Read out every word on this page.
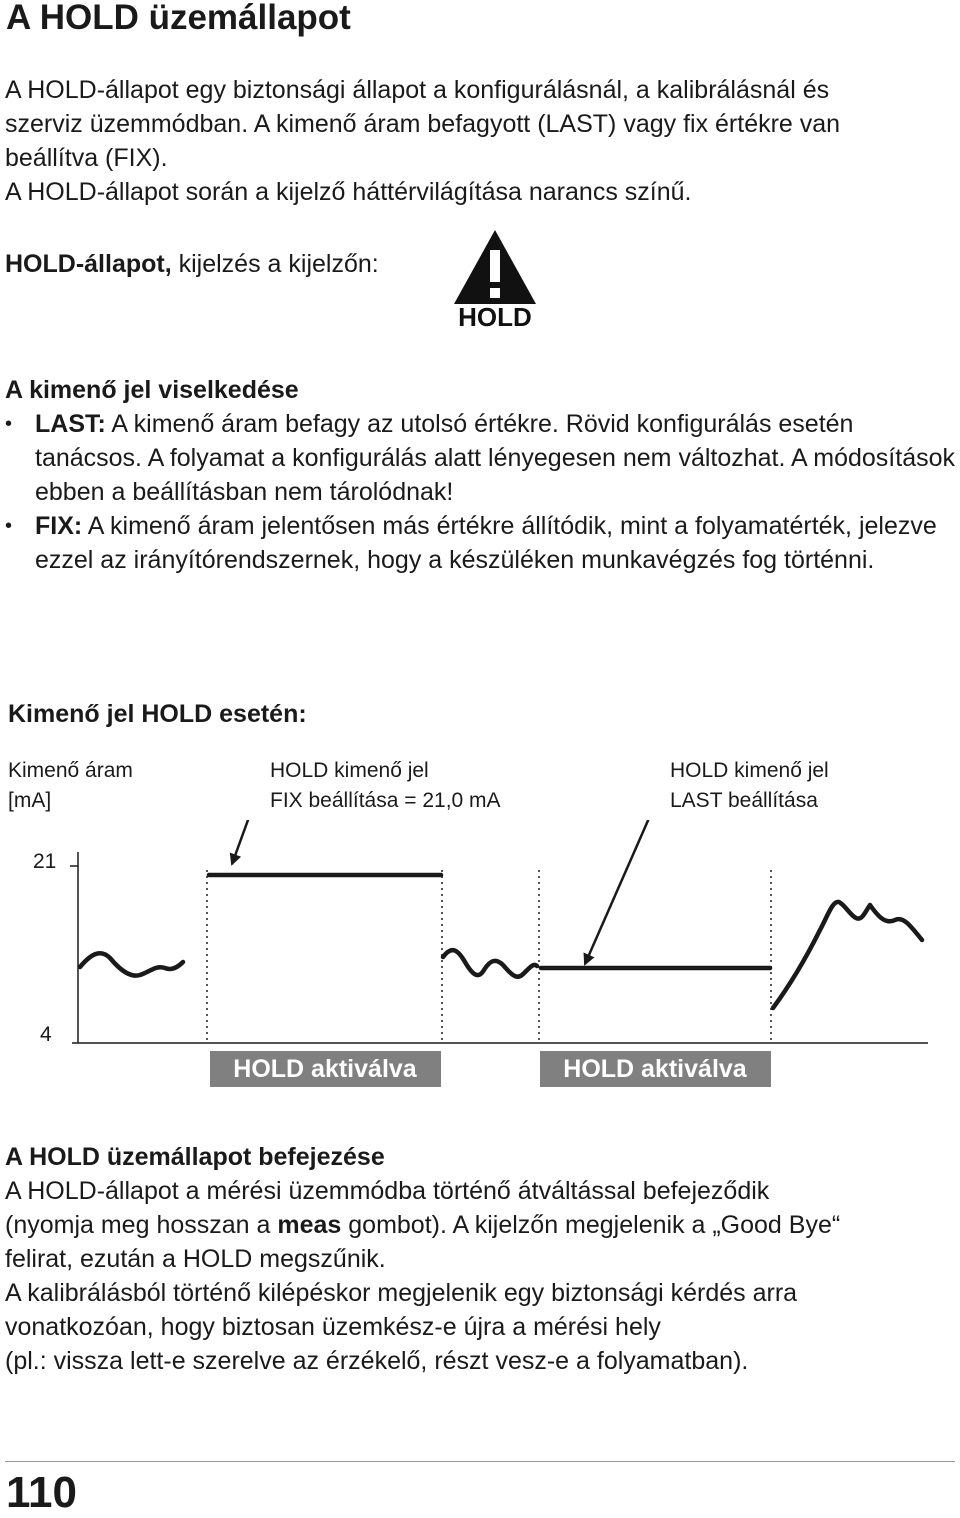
A HOLD üzemállapot
A HOLD-állapot egy biztonsági állapot a konfigurálásnál, a kalibrálásnál és
szerviz üzemmódban. A kimenő áram befagyott (LAST) vagy fix értékre van
beállítva (FIX).
A HOLD-állapot során a kijelző háttérvilágítása narancs színű.
HOLD-állapot, kijelzés a kijelzőn:
HOLD
A kimenő jel viselkedése
• LAST: A kimenő áram befagy az utolsó értékre. Rövid konfigurálás esetén tanácsos. A folyamat a konfigurálás alatt lényegesen nem változhat. A módosítások ebben a beállításban nem tárolódnak!
• FIX: A kimenő áram jelentősen más értékre állítódik, mint a folyamatérték, jelezve ezzel az irányítórendszernek, hogy a készüléken munkavégzés fog történni.
Kimenő jel HOLD esetén:
Kimenő áram
[mA]
HOLD kimenő jel
FIX beállítása = 21,0 mA
HOLD kimenő jel
LAST beállítása
21
4
HOLD aktiválva	HOLD aktiválva
A HOLD üzemállapot befejezése
A HOLD-állapot a mérési üzemmódba történő átváltással befejeződik
(nyomja meg hosszan a meas gombot). A kijelzőn megjelenik a „Good Bye“
felirat, ezután a HOLD megszűnik.
A kalibrálásból történő kilépéskor megjelenik egy biztonsági kérdés arra
vonatkozóan, hogy biztosan üzemkész-e újra a mérési hely
(pl.: vissza lett-e szerelve az érzékelő, részt vesz-e a folyamatban).
110
